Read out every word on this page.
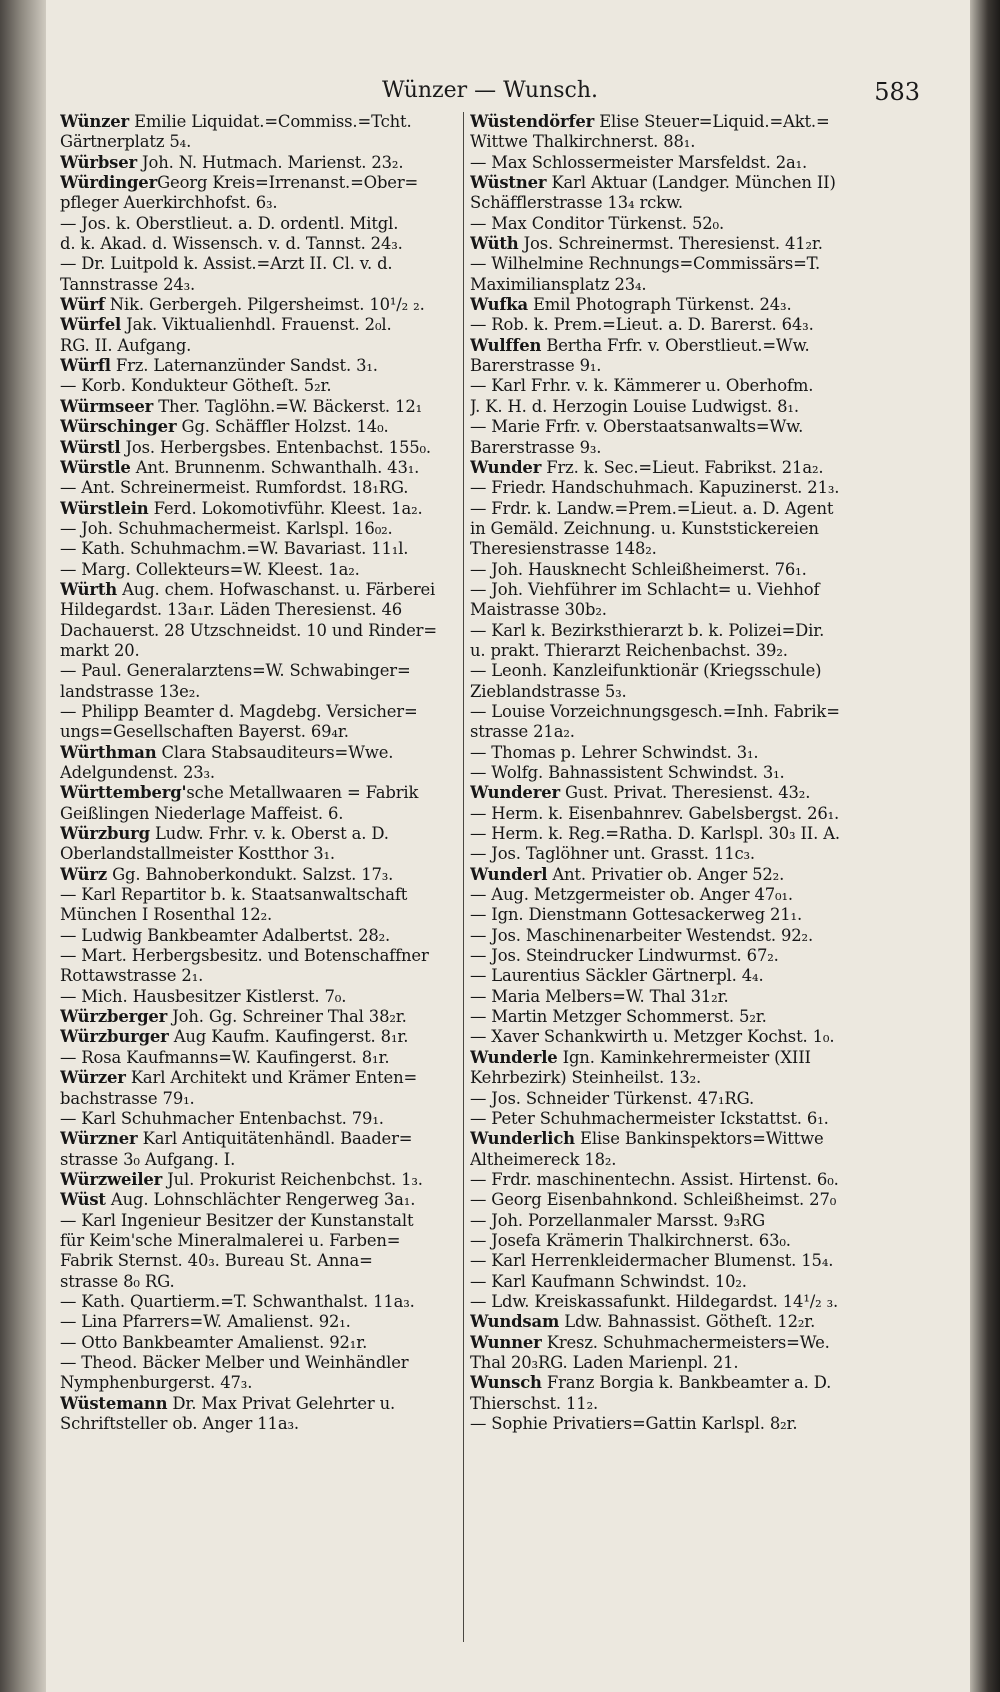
Wünzer — Wunsch.	583
Wünzer Emilie Liquidat.=Commiss.=Tcht.
Gärtnerplatz 5₄.
Würbser Joh. N. Hutmach. Marienst. 23₂.
WürdingerGeorg Kreis=Irrenanst.=Ober=
pfleger Auerkirchhofst. 6₃.
— Jos. k. Oberstlieut. a. D. ordentl. Mitgl.
d. k. Akad. d. Wissensch. v. d. Tannst. 24₃.
— Dr. Luitpold k. Assist.=Arzt II. Cl. v. d.
Tannstrasse 24₃.
Würf Nik. Gerbergeh. Pilgersheimst. 10¹/₂ ₂.
Würfel Jak. Viktualienhdl. Frauenst. 2₀l.
RG. II. Aufgang.
Würfl Frz. Laternanzünder Sandst. 3₁.
— Korb. Kondukteur Götheſt. 5₂r.
Würmseer Ther. Taglöhn.=W. Bäckerst. 12₁
Würschinger Gg. Schäffler Holzst. 14₀.
Würstl Jos. Herbergsbes. Entenbachst. 155₀.
Würstle Ant. Brunnenm. Schwanthalh. 43₁.
— Ant. Schreinermeist. Rumfordst. 18₁RG.
Würstlein Ferd. Lokomotivführ. Kleest. 1a₂.
— Joh. Schuhmachermeist. Karlspl. 16₀₂.
— Kath. Schuhmachm.=W. Bavariast. 11₁l.
— Marg. Collekteurs=W. Kleest. 1a₂.
Würth Aug. chem. Hofwaschanst. u. Färberei
Hildegardst. 13a₁r. Läden Theresienst. 46
Dachauerst. 28 Utzschneidst. 10 und Rinder=
markt 20.
— Paul. Generalarztens=W. Schwabinger=
landstrasse 13e₂.
— Philipp Beamter d. Magdebg. Versicher=
ungs=Gesellschaften Bayerst. 69₄r.
Würthman Clara Stabsauditeurs=Wwe.
Adelgundenst. 23₃.
Württemberg'sche Metallwaaren = Fabrik
Geißlingen Niederlage Maffeist. 6.
Würzburg Ludw. Frhr. v. k. Oberst a. D.
Oberlandstallmeister Kostthor 3₁.
Würz Gg. Bahnoberkondukt. Salzst. 17₃.
— Karl Repartitor b. k. Staatsanwaltschaft
München I Rosenthal 12₂.
— Ludwig Bankbeamter Adalbertst. 28₂.
— Mart. Herbergsbesitz. und Botenschaffner
Rottawstrasse 2₁.
— Mich. Hausbesitzer Kistlerst. 7₀.
Würzberger Joh. Gg. Schreiner Thal 38₂r.
Würzburger Aug Kaufm. Kaufingerst. 8₁r.
— Rosa Kaufmanns=W. Kaufingerst. 8₁r.
Würzer Karl Architekt und Krämer Enten=
bachstrasse 79₁.
— Karl Schuhmacher Entenbachst. 79₁.
Würzner Karl Antiquitätenhändl. Baader=
strasse 3₀ Aufgang. I.
Würzweiler Jul. Prokurist Reichenbchst. 1₃.
Wüst Aug. Lohnschlächter Rengerweg 3a₁.
— Karl Ingenieur Besitzer der Kunstanstalt
für Keim'sche Mineralmalerei u. Farben=
Fabrik Sternst. 40₃. Bureau St. Anna=
strasse 8₀ RG.
— Kath. Quartierm.=T. Schwanthalst. 11a₃.
— Lina Pfarrers=W. Amalienst. 92₁.
— Otto Bankbeamter Amalienst. 92₁r.
— Theod. Bäcker Melber und Weinhändler
Nymphenburgerst. 47₃.
Wüstemann Dr. Max Privat Gelehrter u.
Schriftsteller ob. Anger 11a₃.
Wüstendörfer Elise Steuer=Liquid.=Akt.=
Wittwe Thalkirchnerst. 88₁.
— Max Schlossermeister Marsfeldst. 2a₁.
Wüstner Karl Aktuar (Landger. München II)
Schäfflerstrasse 13₄ rckw.
— Max Conditor Türkenst. 52₀.
Wüth Jos. Schreinermst. Theresienst. 41₂r.
— Wilhelmine Rechnungs=Commissärs=T.
Maximiliansplatz 23₄.
Wufka Emil Photograph Türkenst. 24₃.
— Rob. k. Prem.=Lieut. a. D. Barerst. 64₃.
Wulffen Bertha Frfr. v. Oberstlieut.=Ww.
Barerstrasse 9₁.
— Karl Frhr. v. k. Kämmerer u. Oberhofm.
J. K. H. d. Herzogin Louise Ludwigst. 8₁.
— Marie Frfr. v. Oberstaatsanwalts=Ww.
Barerstrasse 9₃.
Wunder Frz. k. Sec.=Lieut. Fabrikst. 21a₂.
— Friedr. Handschuhmach. Kapuzinerst. 21₃.
— Frdr. k. Landw.=Prem.=Lieut. a. D. Agent
in Gemäld. Zeichnung. u. Kunststickereien
Theresienstrasse 148₂.
— Joh. Hausknecht Schleißheimerst. 76₁.
— Joh. Viehführer im Schlacht= u. Viehhof
Maistrasse 30b₂.
— Karl k. Bezirksthierarzt b. k. Polizei=Dir.
u. prakt. Thierarzt Reichenbachst. 39₂.
— Leonh. Kanzleifunktionär (Kriegsschule)
Zieblandstrasse 5₃.
— Louise Vorzeichnungsgesch.=Inh. Fabrik=
strasse 21a₂.
— Thomas p. Lehrer Schwindst. 3₁.
— Wolfg. Bahnassistent Schwindst. 3₁.
Wunderer Gust. Privat. Theresienst. 43₂.
— Herm. k. Eisenbahnrev. Gabelsbergst. 26₁.
— Herm. k. Reg.=Ratha. D. Karlspl. 30₃ II. A.
— Jos. Taglöhner unt. Grasst. 11c₃.
Wunderl Ant. Privatier ob. Anger 52₂.
— Aug. Metzgermeister ob. Anger 47₀₁.
— Ign. Dienstmann Gottesackerweg 21₁.
— Jos. Maschinenarbeiter Westendst. 92₂.
— Jos. Steindrucker Lindwurmst. 67₂.
— Laurentius Säckler Gärtnerpl. 4₄.
— Maria Melbers=W. Thal 31₂r.
— Martin Metzger Schommerst. 5₂r.
— Xaver Schankwirth u. Metzger Kochst. 1₀.
Wunderle Ign. Kaminkehrermeister (XIII
Kehrbezirk) Steinheilst. 13₂.
— Jos. Schneider Türkenst. 47₁RG.
— Peter Schuhmachermeister Ickstattst. 6₁.
Wunderlich Elise Bankinspektors=Wittwe
Altheimereck 18₂.
— Frdr. maschinentechn. Assist. Hirtenst. 6₀.
— Georg Eisenbahnkond. Schleißheimst. 27₀
— Joh. Porzellanmaler Marsst. 9₃RG
— Josefa Krämerin Thalkirchnerst. 63₀.
— Karl Herrenkleidermacher Blumenst. 15₄.
— Karl Kaufmann Schwindst. 10₂.
— Ldw. Kreiskassafunkt. Hildegardst. 14¹/₂ ₃.
Wundsam Ldw. Bahnassist. Götheſt. 12₂r.
Wunner Kresz. Schuhmachermeisters=We.
Thal 20₃RG. Laden Marienpl. 21.
Wunsch Franz Borgia k. Bankbeamter a. D.
Thierschst. 11₂.
— Sophie Privatiers=Gattin Karlspl. 8₂r.
